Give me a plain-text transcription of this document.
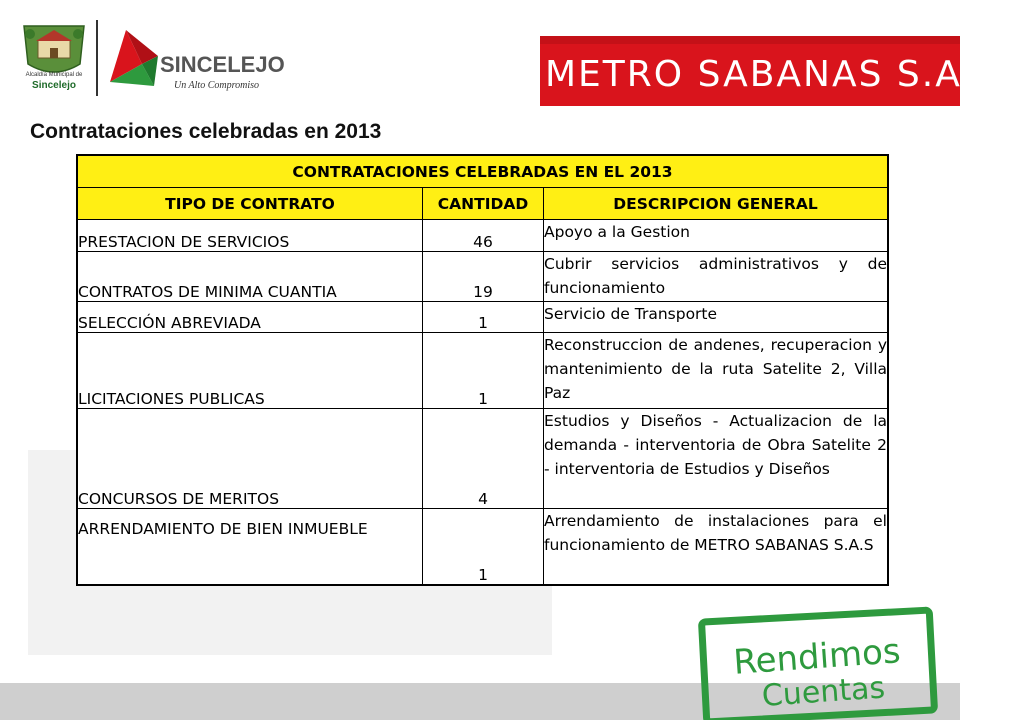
Alcaldía Municipal de
Sincelejo
SINCELEJO
Un Alto Compromiso	METRO SABANAS S.A.S.
Contrataciones celebradas en 2013
CONTRATACIONES CELEBRADAS EN EL 2013		
TIPO DE CONTRATO	CANTIDAD	DESCRIPCION GENERAL
PRESTACION DE SERVICIOS	46	Apoyo a la Gestion
CONTRATOS DE MINIMA CUANTIA	19	Cubrir servicios administrativos y de funcionamiento
SELECCIÓN ABREVIADA	1	Servicio de Transporte
LICITACIONES PUBLICAS	1	Reconstruccion de andenes, recuperacion y mantenimiento de la ruta Satelite 2, Villa Paz
CONCURSOS DE MERITOS	4	Estudios y Diseños - Actualizacion de la demanda - interventoria de Obra Satelite 2 - interventoria de Estudios y Diseños
ARRENDAMIENTO DE BIEN INMUEBLE	1	Arrendamiento de instalaciones para el funcionamiento de METRO SABANAS S.A.S
Rendimos
Cuentas
